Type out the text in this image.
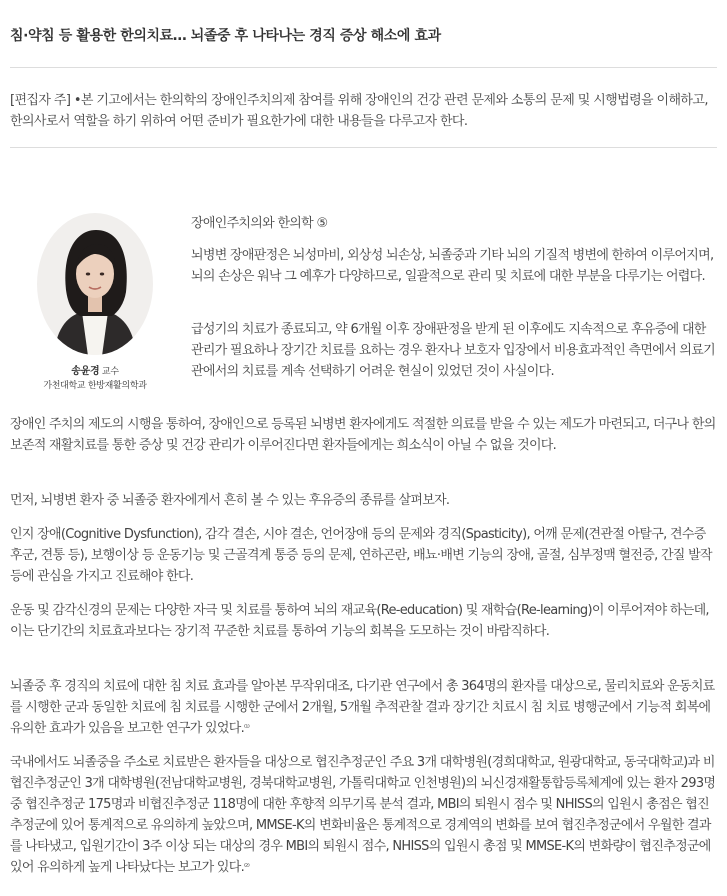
침·약침 등 활용한 한의치료… 뇌졸중 후 나타나는 경직 증상 해소에 효과
[편집자 주] •본 기고에서는 한의학의 장애인주치의제 참여를 위해 장애인의 건강 관련 문제와 소통의 문제 및 시행법령을 이해하고, 한의사로서 역할을 하기 위하여 어떤 준비가 필요한가에 대한 내용들을 다루고자 한다.
송윤경 교수
가천대학교 한방재활의학과
장애인주치의와 한의학 ⑤
뇌병변 장애판정은 뇌성마비, 외상성 뇌손상, 뇌졸중과 기타 뇌의 기질적 병변에 한하여 이루어지며, 뇌의 손상은 워낙 그 예후가 다양하므로, 일괄적으로 관리 및 치료에 대한 부분을 다루기는 어렵다.
급성기의 치료가 종료되고, 약 6개월 이후 장애판정을 받게 된 이후에도 지속적으로 후유증에 대한 관리가 필요하나 장기간 치료를 요하는 경우 환자나 보호자 입장에서 비용효과적인 측면에서 의료기관에서의 치료를 계속 선택하기 어려운 현실이 있었던 것이 사실이다.
장애인 주치의 제도의 시행을 통하여, 장애인으로 등록된 뇌병변 환자에게도 적절한 의료를 받을 수 있는 제도가 마련되고, 더구나 한의 보존적 재활치료를 통한 증상 및 건강 관리가 이루어진다면 환자들에게는 희소식이 아닐 수 없을 것이다.
먼저, 뇌병변 환자 중 뇌졸중 환자에게서 흔히 볼 수 있는 후유증의 종류를 살펴보자.
인지 장애(Cognitive Dysfunction), 감각 결손, 시야 결손, 언어장애 등의 문제와 경직(Spasticity), 어깨 문제(견관절 아탈구, 견수증후군, 견통 등), 보행이상 등 운동기능 및 근골격계 통증 등의 문제, 연하곤란, 배뇨·배변 기능의 장애, 골절, 심부정맥 혈전증, 간질 발작 등에 관심을 가지고 진료해야 한다.
운동 및 감각신경의 문제는 다양한 자극 및 치료를 통하여 뇌의 재교육(Re-education) 및 재학습(Re-learning)이 이루어져야 하는데, 이는 단기간의 치료효과보다는 장기적 꾸준한 치료를 통하여 기능의 회복을 도모하는 것이 바람직하다.
뇌졸중 후 경직의 치료에 대한 침 치료 효과를 알아본 무작위대조, 다기관 연구에서 총 364명의 환자를 대상으로, 물리치료와 운동치료를 시행한 군과 동일한 치료에 침 치료를 시행한 군에서 2개월, 5개월 추적관찰 결과 장기간 치료시 침 치료 병행군에서 기능적 회복에 유의한 효과가 있음을 보고한 연구가 있었다.$^{^{(1)}}$
국내에서도 뇌졸중을 주소로 치료받은 환자들을 대상으로 협진추정군인 주요 3개 대학병원(경희대학교, 원광대학교, 동국대학교)과 비협진추정군인 3개 대학병원(전남대학교병원, 경북대학교병원, 가톨릭대학교 인천병원)의 뇌신경재활통합등록체계에 있는 환자 293명 중 협진추정군 175명과 비협진추정군 118명에 대한 후향적 의무기록 분석 결과, MBI의 퇴원시 점수 및 NHISS의 입원시 총점은 협진추정군에 있어 통계적으로 유의하게 높았으며, MMSE-K의 변화비율은 통계적으로 경계역의 변화를 보여 협진추정군에서 우월한 결과를 나타냈고, 입원기간이 3주 이상 되는 대상의 경우 MBI의 퇴원시 점수, NHISS의 입원시 총점 및 MMSE-K의 변화량이 협진추정군에 있어 유의하게 높게 나타났다는 보고가 있다.$^{^{(2)}}$
